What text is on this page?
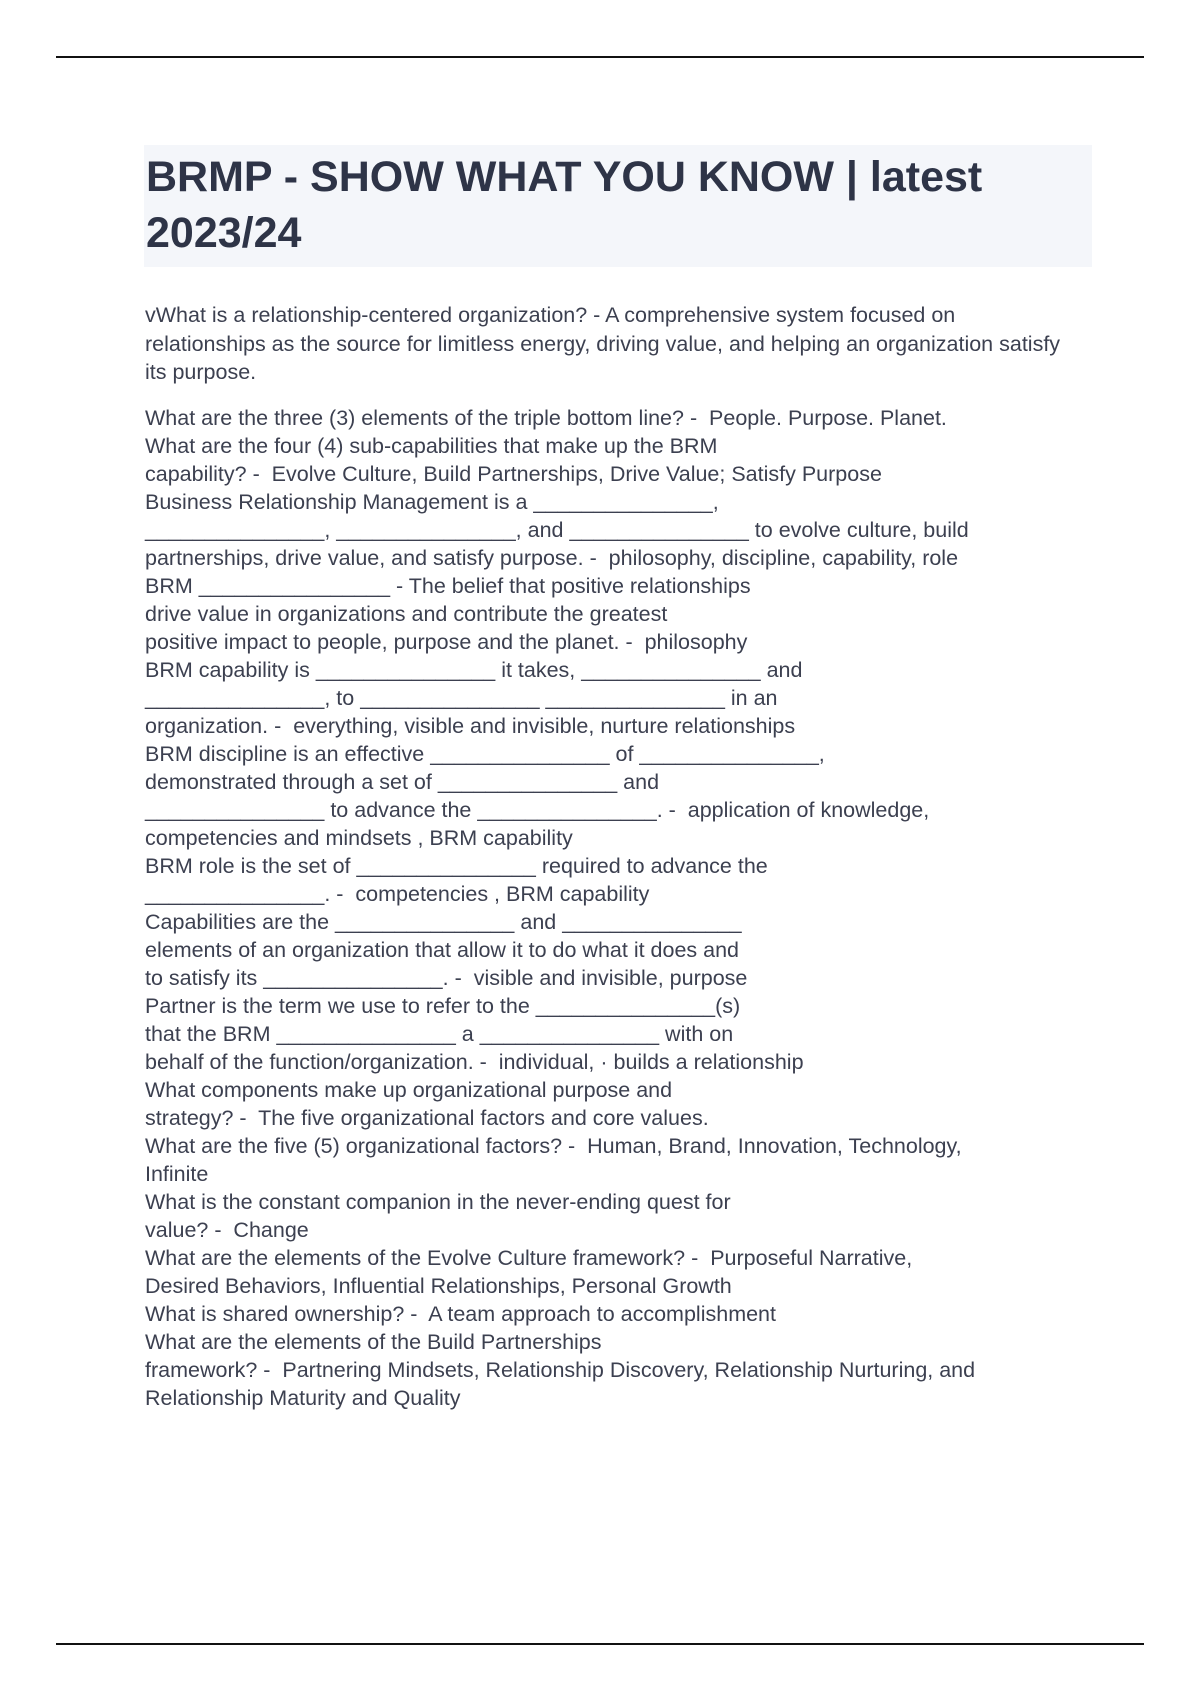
BRMP - SHOW WHAT YOU KNOW | latest 2023/24

vWhat is a relationship-centered organization? - A comprehensive system focused on relationships as the source for limitless energy, driving value, and helping an organization satisfy its purpose.

What are the three (3) elements of the triple bottom line? -  People. Purpose. Planet.
What are the four (4) sub-capabilities that make up the BRM
capability? -  Evolve Culture, Build Partnerships, Drive Value; Satisfy Purpose
Business Relationship Management is a _______________,
_______________, _______________, and _______________ to evolve culture, build
partnerships, drive value, and satisfy purpose. -  philosophy, discipline, capability, role
BRM ________________ - The belief that positive relationships
drive value in organizations and contribute the greatest
positive impact to people, purpose and the planet. -  philosophy
BRM capability is _______________ it takes, _______________ and
_______________, to _______________ _______________ in an
organization. -  everything, visible and invisible, nurture relationships
BRM discipline is an effective _______________ of _______________,
demonstrated through a set of _______________ and
_______________ to advance the _______________. -  application of knowledge,
competencies and mindsets , BRM capability
BRM role is the set of _______________ required to advance the
_______________. -  competencies , BRM capability
Capabilities are the _______________ and _______________
elements of an organization that allow it to do what it does and
to satisfy its _______________. -  visible and invisible, purpose
Partner is the term we use to refer to the _______________(s)
that the BRM _______________ a _______________ with on
behalf of the function/organization. -  individual, · builds a relationship
What components make up organizational purpose and
strategy? -  The five organizational factors and core values.
What are the five (5) organizational factors? -  Human, Brand, Innovation, Technology,
Infinite
What is the constant companion in the never-ending quest for
value? -  Change
What are the elements of the Evolve Culture framework? -  Purposeful Narrative,
Desired Behaviors, Influential Relationships, Personal Growth
What is shared ownership? -  A team approach to accomplishment
What are the elements of the Build Partnerships
framework? -  Partnering Mindsets, Relationship Discovery, Relationship Nurturing, and
Relationship Maturity and Quality
